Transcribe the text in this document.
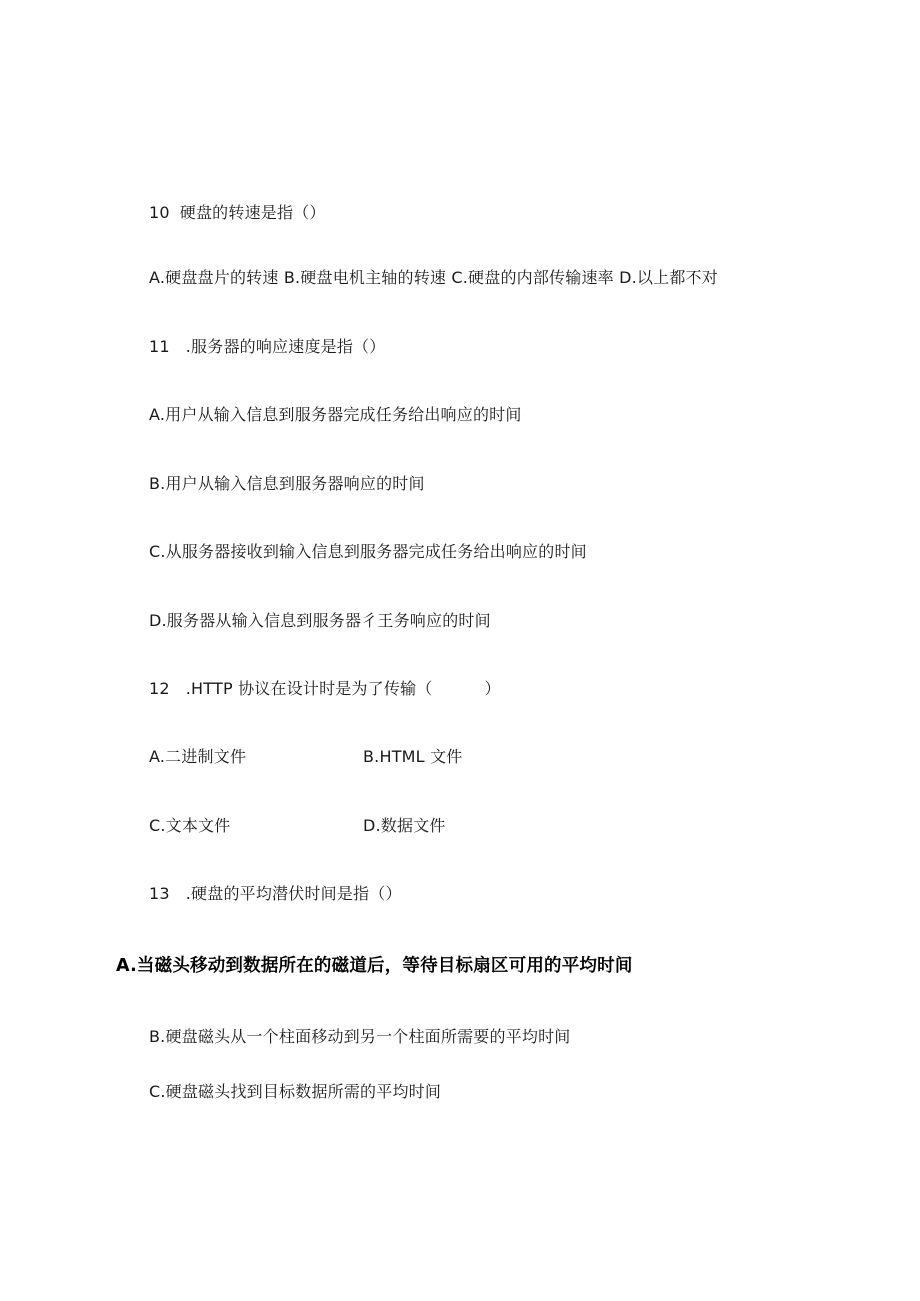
10 硬盘的转速是指（）
A.硬盘盘片的转速 B.硬盘电机主轴的转速 C.硬盘的内部传输速率 D.以上都不对
11 .服务器的响应速度是指（）
A.用户从输入信息到服务器完成任务给出响应的时间
B.用户从输入信息到服务器响应的时间
C.从服务器接收到输入信息到服务器完成任务给出响应的时间
D.服务器从输入信息到服务器彳王务响应的时间
12 .HTTP 协议在设计时是为了传输（	）
A.二进制文件	B.HTML 文件
C.文本文件	D.数据文件
13 .硬盘的平均潜伏时间是指（）
A.当磁头移动到数据所在的磁道后，等待目标扇区可用的平均时间
B.硬盘磁头从一个柱面移动到另一个柱面所需要的平均时间
C.硬盘磁头找到目标数据所需的平均时间
